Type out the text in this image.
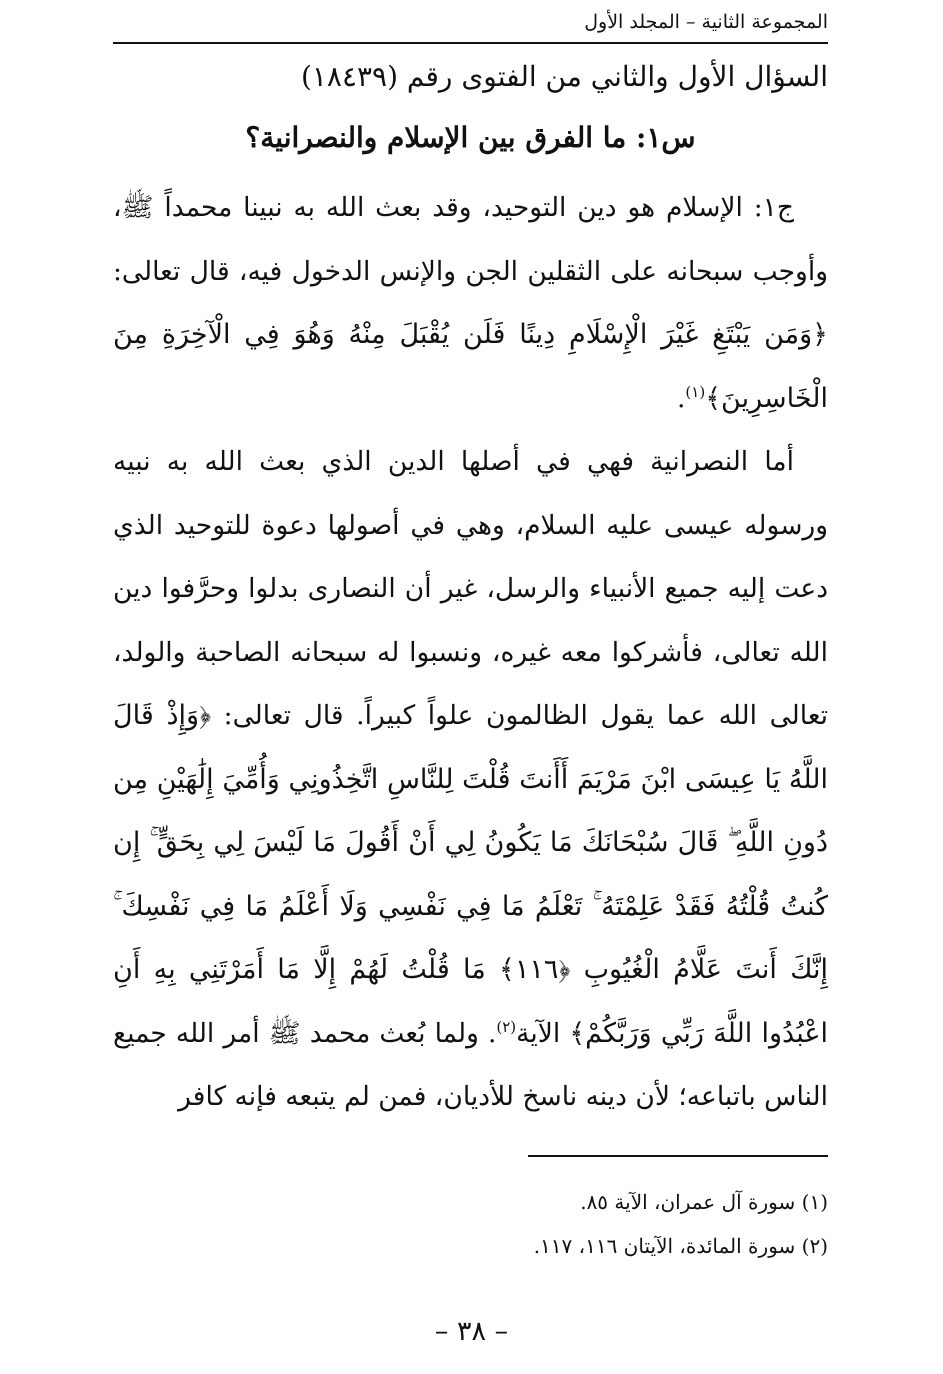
المجموعة الثانية – المجلد الأول

السؤال الأول والثاني من الفتوى رقم (١٨٤٣٩)

س١: ما الفرق بين الإسلام والنصرانية؟

ج١: الإسلام هو دين التوحيد، وقد بعث الله به نبينا محمداً ﷺ، وأوجب سبحانه على الثقلين الجن والإنس الدخول فيه، قال تعالى: ﴿وَمَن يَبْتَغِ غَيْرَ الْإِسْلَامِ دِينًا فَلَن يُقْبَلَ مِنْهُ وَهُوَ فِي الْآخِرَةِ مِنَ الْخَاسِرِينَ﴾$^{(١)}$.

أما النصرانية فهي في أصلها الدين الذي بعث الله به نبيه ورسوله عيسى عليه السلام، وهي في أصولها دعوة للتوحيد الذي دعت إليه جميع الأنبياء والرسل، غير أن النصارى بدلوا وحرَّفوا دين الله تعالى، فأشركوا معه غيره، ونسبوا له سبحانه الصاحبة والولد، تعالى الله عما يقول الظالمون علواً كبيراً. قال تعالى: ﴿وَإِذْ قَالَ اللَّهُ يَا عِيسَى ابْنَ مَرْيَمَ أَأَنتَ قُلْتَ لِلنَّاسِ اتَّخِذُونِي وَأُمِّيَ إِلَٰهَيْنِ مِن دُونِ اللَّهِ ۖ قَالَ سُبْحَانَكَ مَا يَكُونُ لِي أَنْ أَقُولَ مَا لَيْسَ لِي بِحَقٍّ ۚ إِن كُنتُ قُلْتُهُ فَقَدْ عَلِمْتَهُ ۚ تَعْلَمُ مَا فِي نَفْسِي وَلَا أَعْلَمُ مَا فِي نَفْسِكَ ۚ إِنَّكَ أَنتَ عَلَّامُ الْغُيُوبِ ﴿١١٦﴾ مَا قُلْتُ لَهُمْ إِلَّا مَا أَمَرْتَنِي بِهِ أَنِ اعْبُدُوا اللَّهَ رَبِّي وَرَبَّكُمْ﴾ الآية$^{(٢)}$. ولما بُعث محمد ﷺ أمر الله جميع الناس باتباعه؛ لأن دينه ناسخ للأديان، فمن لم يتبعه فإنه كافر

(١) سورة آل عمران، الآية ٨٥.

(٢) سورة المائدة، الآيتان ١١٦، ١١٧.

– ٣٨ –
